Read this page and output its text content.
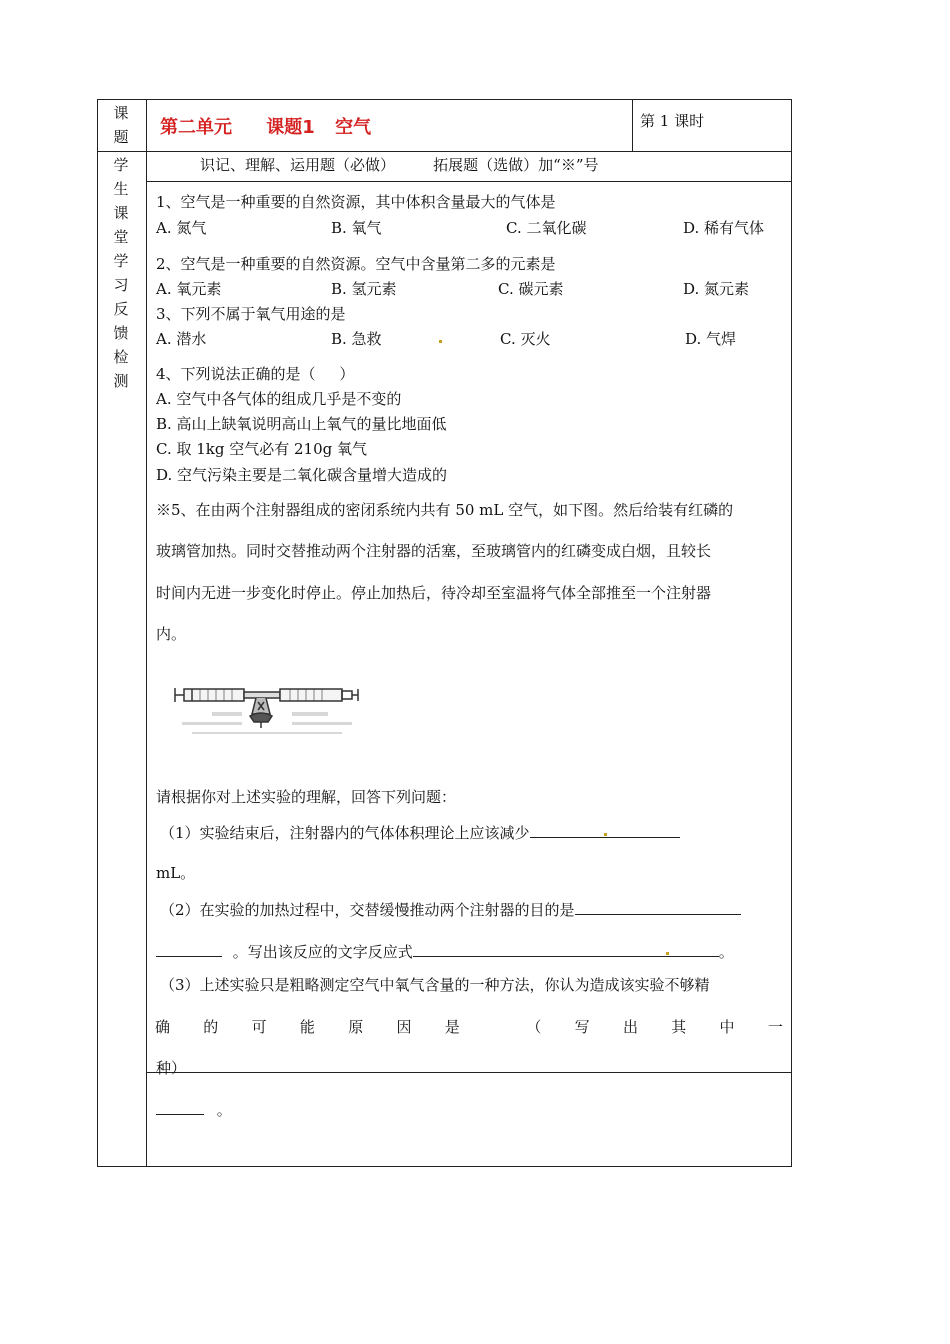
课
题
学
生
课
堂
学
习
反
馈
检
测
第二单元 课题1 空气	第 1 课时
识记、理解、运用题（必做）        拓展题（选做）加“※”号
1、空气是一种重要的自然资源，其中体积含量最大的气体是
A. 氮气	B. 氧气	C. 二氧化碳	D. 稀有气体
2、空气是一种重要的自然资源。空气中含量第二多的元素是
A. 氧元素	B. 氢元素	C. 碳元素	D. 氮元素
3、下列不属于氧气用途的是
A. 潜水	B. 急救	C. 灭火	D. 气焊
4、下列说法正确的是（     ）
A. 空气中各气体的组成几乎是不变的
B. 高山上缺氧说明高山上氧气的量比地面低
C. 取 1kg 空气必有 210g 氧气
D. 空气污染主要是二氧化碳含量增大造成的
※5、在由两个注射器组成的密闭系统内共有 50 mL 空气，如下图。然后给装有红磷的
玻璃管加热。同时交替推动两个注射器的活塞，至玻璃管内的红磷变成白烟，且较长
时间内无进一步变化时停止。停止加热后，待冷却至室温将气体全部推至一个注射器
内。
请根据你对上述实验的理解，回答下列问题：
（1）实验结束后，注射器内的气体体积理论上应该减少
mL。
（2）在实验的加热过程中，交替缓慢推动两个注射器的目的是
。写出该反应的文字反应式	。
（3）上述实验只是粗略测定空气中氧气含量的一种方法，你认为造成该实验不够精
确 的 可 能 原 因 是	（ 写 出 其 中 一
种）
。
